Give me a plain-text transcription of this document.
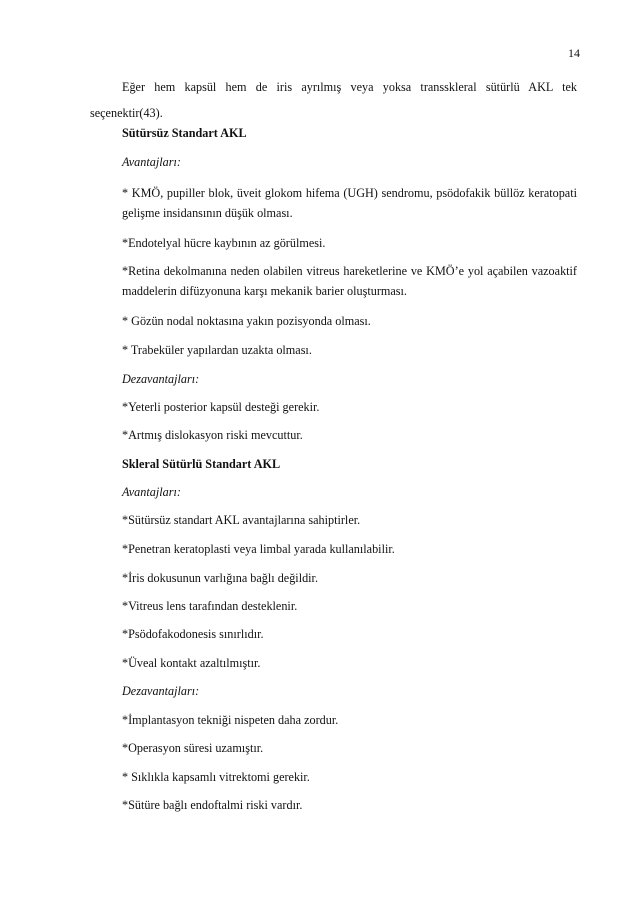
14
Eğer hem kapsül hem de iris ayrılmış veya yoksa transskleral sütürlü AKL tek seçenektir(43).
Sütürsüz Standart AKL
Avantajları:
* KMÖ, pupiller blok, üveit glokom hifema (UGH) sendromu, psödofakik büllöz keratopati gelişme insidansının düşük olması.
*Endotelyal hücre kaybının az görülmesi.
*Retina dekolmanına neden olabilen vitreus hareketlerine ve KMÖ’e yol açabilen vazoaktif maddelerin difüzyonuna karşı mekanik barier oluşturması.
* Gözün nodal noktasına yakın pozisyonda olması.
* Trabeküler yapılardan uzakta olması.
Dezavantajları:
*Yeterli posterior kapsül desteği gerekir.
*Artmış dislokasyon riski mevcuttur.
Skleral Sütürlü Standart AKL
Avantajları:
*Sütürsüz standart AKL avantajlarına sahiptirler.
*Penetran keratoplasti veya limbal yarada kullanılabilir.
*İris dokusunun varlığına bağlı değildir.
*Vitreus lens tarafından desteklenir.
*Psödofakodonesis sınırlıdır.
*Üveal kontakt azaltılmıştır.
Dezavantajları:
*İmplantasyon tekniği nispeten daha zordur.
*Operasyon süresi uzamıştır.
* Sıklıkla kapsamlı vitrektomi gerekir.
*Sütüre bağlı endoftalmi riski vardır.
